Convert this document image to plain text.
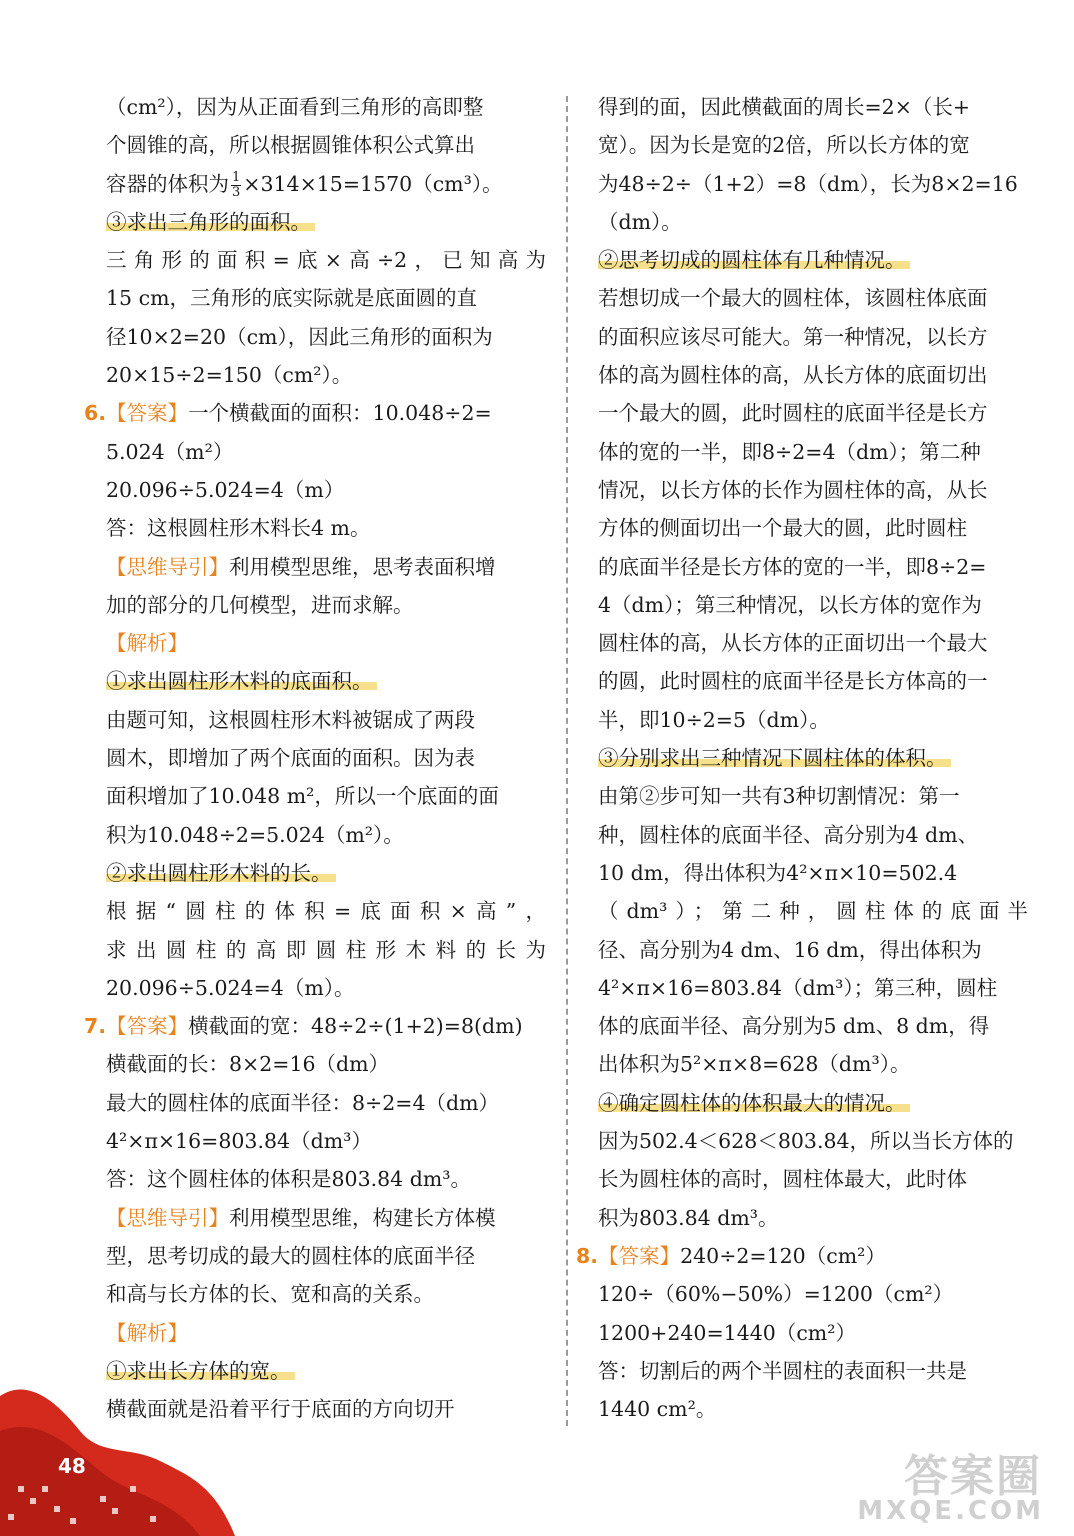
（cm²），因为从正面看到三角形的高即整
个圆锥的高，所以根据圆锥体积公式算出
容器的体积为 $\frac{1}{3} \times 314\times 15=1570(cm^3)$。
③求出三角形的面积。
三角形的面积=底×高÷2，已知高为
15 cm，三角形的底实际就是底面圆的直
径10×2=20（cm），因此三角形的面积为
20×15÷2=150（cm²）。
6.【答案】一个横截面的面积：10.048÷2=
5.024（m²）
20.096÷5.024=4（m）
答：这根圆柱形木料长4 m。
【思维导引】利用模型思维，思考表面积增
加的部分的几何模型，进而求解。
【解析】
①求出圆柱形木料的底面积。
由题可知，这根圆柱形木料被锯成了两段
圆木，即增加了两个底面的面积。因为表
面积增加了10.048 m²，所以一个底面的面
积为10.048÷2=5.024（m²）。
②求出圆柱形木料的长。
根据“圆柱的体积=底面积×高”，
求出圆柱的高即圆柱形木料的长为
20.096÷5.024=4（m）。
7.【答案】横截面的宽：48÷2÷(1+2)=8(dm)
横截面的长：8×2=16（dm）
最大的圆柱体的底面半径：8÷2=4（dm）
4²×π×16=803.84（dm³）
答：这个圆柱体的体积是803.84 dm³。
【思维导引】利用模型思维，构建长方体模
型，思考切成的最大的圆柱体的底面半径
和高与长方体的长、宽和高的关系。
【解析】
①求出长方体的宽。
横截面就是沿着平行于底面的方向切开
得到的面，因此横截面的周长=2×（长+
宽）。因为长是宽的2倍，所以长方体的宽
为48÷2÷（1+2）=8（dm），长为8×2=16
（dm）。
②思考切成的圆柱体有几种情况。
若想切成一个最大的圆柱体，该圆柱体底面
的面积应该尽可能大。第一种情况，以长方
体的高为圆柱体的高，从长方体的底面切出
一个最大的圆，此时圆柱的底面半径是长方
体的宽的一半，即8÷2=4（dm）；第二种
情况，以长方体的长作为圆柱体的高，从长
方体的侧面切出一个最大的圆，此时圆柱
的底面半径是长方体的宽的一半，即8÷2=
4（dm）；第三种情况，以长方体的宽作为
圆柱体的高，从长方体的正面切出一个最大
的圆，此时圆柱的底面半径是长方体高的一
半，即10÷2=5（dm）。
③分别求出三种情况下圆柱体的体积。
由第②步可知一共有3种切割情况：第一
种，圆柱体的底面半径、高分别为4 dm、
10 dm，得出体积为4²×π×10=502.4
（dm³）；第二种，圆柱体的底面半
径、高分别为4 dm、16 dm，得出体积为
4²×π×16=803.84（dm³）；第三种，圆柱
体的底面半径、高分别为5 dm、8 dm，得
出体积为5²×π×8=628（dm³）。
④确定圆柱体的体积最大的情况。
因为502.4＜628＜803.84，所以当长方体的
长为圆柱体的高时，圆柱体最大，此时体
积为803.84 dm³。
8.【答案】240÷2=120（cm²）
120÷（60%−50%）=1200（cm²）
1200+240=1440（cm²）
答：切割后的两个半圆柱的表面积一共是
1440 cm²。
48	答案圈
MXQE.COM
